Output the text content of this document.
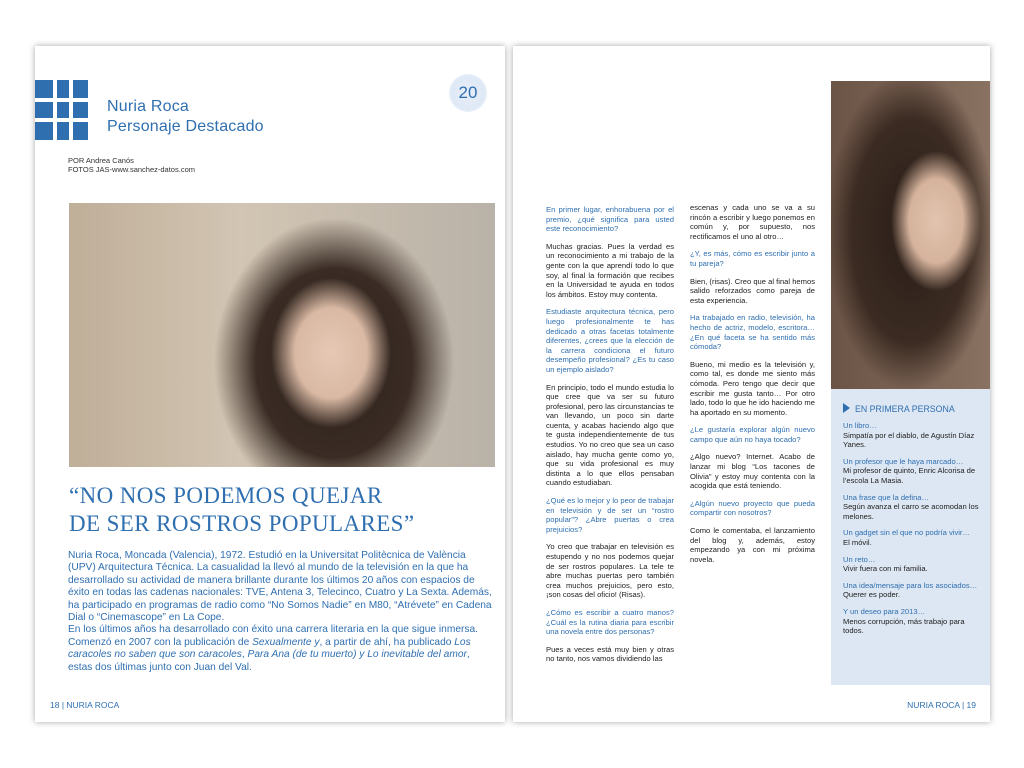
20
Nuria Roca
Personaje Destacado
POR Andrea Canós
FOTOS JAS-www.sanchez-datos.com
“NO NOS PODEMOS QUEJAR
DE SER ROSTROS POPULARES”
Nuria Roca, Moncada (Valencia), 1972. Estudió en la Universitat Politècnica de València (UPV) Arquitectura Técnica. La casualidad la llevó al mundo de la televisión en la que ha desarrollado su actividad de manera brillante durante los últimos 20 años con espacios de éxito en todas las cadenas nacionales: TVE, Antena 3, Telecinco, Cuatro y La Sexta. Además, ha participado en programas de radio como “No Somos Nadie” en M80, “Atrévete” en Cadena Dial o “Cinemascope” en La Cope.
En los últimos años ha desarrollado con éxito una carrera literaria en la que sigue inmersa. Comenzó en 2007 con la publicación de Sexualmente y, a partir de ahí, ha publicado Los caracoles no saben que son caracoles, Para Ana (de tu muerto) y Lo inevitable del amor, estas dos últimas junto con Juan del Val.
18 | NURIA ROCA

En primer lugar, enhorabuena por el premio, ¿qué significa para usted este reconocimiento?

Muchas gracias. Pues la verdad es un reconocimiento a mi trabajo de la gente con la que aprendí todo lo que soy, al final la formación que recibes en la Universidad te ayuda en todos los ámbitos. Estoy muy contenta.

Estudiaste arquitectura técnica, pero luego profesionalmente te has dedicado a otras facetas totalmente diferentes, ¿crees que la elección de la carrera condiciona el futuro desempeño profesional? ¿Es tu caso un ejemplo aislado?

En principio, todo el mundo estudia lo que cree que va ser su futuro profesional, pero las circunstancias te van llevando, un poco sin darte cuenta, y acabas haciendo algo que te gusta independientemente de tus estudios. Yo no creo que sea un caso aislado, hay mucha gente como yo, que su vida profesional es muy distinta a lo que ellos pensaban cuando estudiaban.

¿Qué es lo mejor y lo peor de trabajar en televisión y de ser un “rostro popular”? ¿Abre puertas o crea prejuicios?

Yo creo que trabajar en televisión es estupendo y no nos podemos quejar de ser rostros populares. La tele te abre muchas puertas pero también crea muchos prejuicios, pero esto, ¡son cosas del oficio! (Risas).

¿Cómo es escribir a cuatro manos? ¿Cuál es la rutina diaria para escribir una novela entre dos personas?

Pues a veces está muy bien y otras no tanto, nos vamos dividiendo las

escenas y cada uno se va a su rincón a escribir y luego ponemos en común y, por supuesto, nos rectificamos el uno al otro…

¿Y, es más, cómo es escribir junto a tu pareja?

Bien, (risas). Creo que al final hemos salido reforzados como pareja de esta experiencia.

Ha trabajado en radio, televisión, ha hecho de actriz, modelo, escritora… ¿En qué faceta se ha sentido más cómoda?

Bueno, mi medio es la televisión y, como tal, es donde me siento más cómoda. Pero tengo que decir que escribir me gusta tanto… Por otro lado, todo lo que he ido haciendo me ha aportado en su momento.

¿Le gustaría explorar algún nuevo campo que aún no haya tocado?

¿Algo nuevo? Internet. Acabo de lanzar mi blog “Los tacones de Olivia” y estoy muy contenta con la acogida que está teniendo.

¿Algún nuevo proyecto que pueda compartir con nosotros?

Como le comentaba, el lanzamiento del blog y, además, estoy empezando ya con mi próxima novela.

EN PRIMERA PERSONA
Un libro…
Simpatía por el diablo, de Agustín Díaz Yanes.
Un profesor que le haya marcado…
Mi profesor de quinto, Enric Alcorisa de l’escola La Masia.
Una frase que la defina…
Según avanza el carro se acomodan los melones.
Un gadget sin el que no podría vivir…
El móvil.
Un reto…
Vivir fuera con mi familia.
Una idea/mensaje para los asociados…
Querer es poder.
Y un deseo para 2013…
Menos corrupción, más trabajo para todos.
NURIA ROCA | 19
